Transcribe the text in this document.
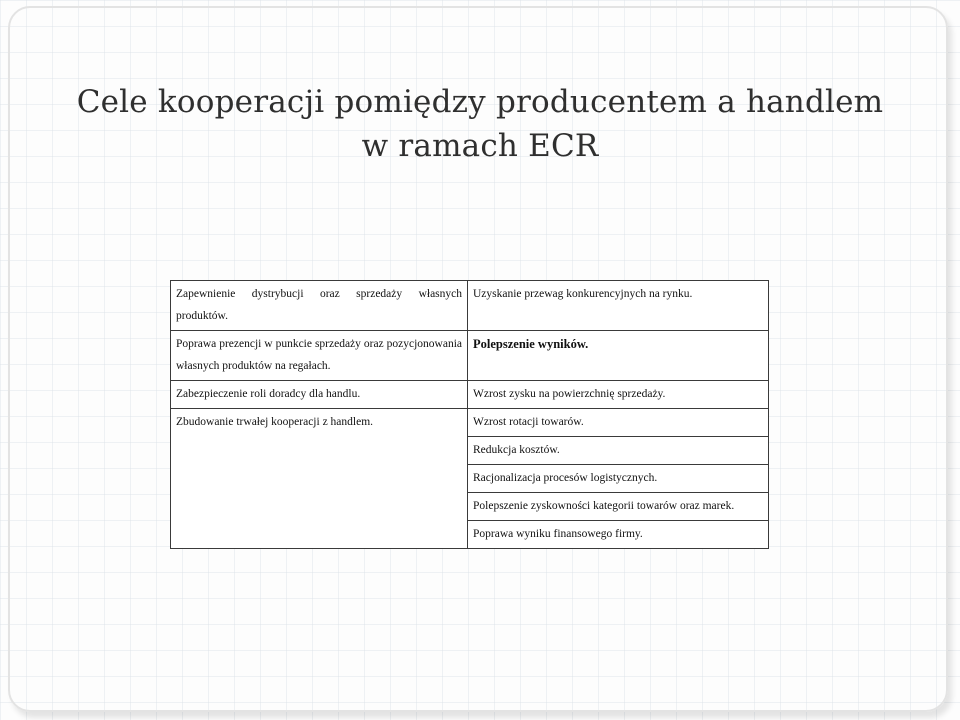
Cele kooperacji pomiędzy producentem a handlem
w ramach ECR
Zapewnienie dystrybucji oraz sprzedaży własnych produktów.	Uzyskanie przewag konkurencyjnych na rynku.
Poprawa prezencji w punkcie sprzedaży oraz pozycjonowania własnych produktów na regałach.	Polepszenie wyników.
Zabezpieczenie roli doradcy dla handlu.	Wzrost zysku na powierzchnię sprzedaży.
Zbudowanie trwałej kooperacji z handlem.	Wzrost rotacji towarów.
	Redukcja kosztów.
	Racjonalizacja procesów logistycznych.
	Polepszenie zyskowności kategorii towarów oraz marek.
	Poprawa wyniku finansowego firmy.
